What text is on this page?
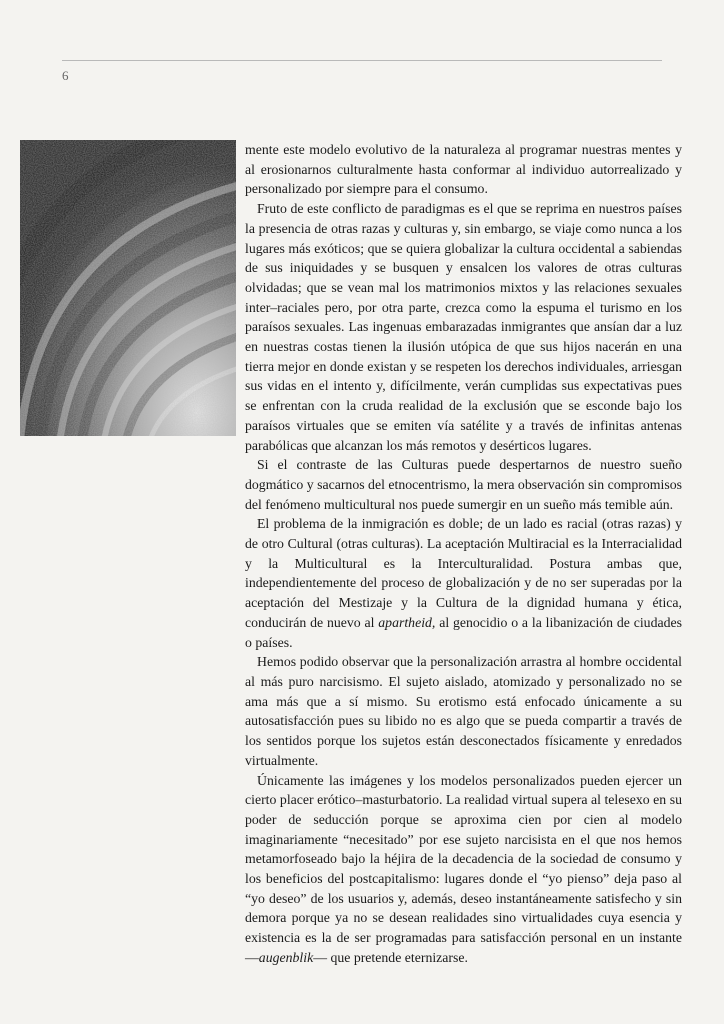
6

mente este modelo evolutivo de la naturaleza al programar nuestras mentes y al erosionarnos culturalmente hasta conformar al individuo autorrealizado y personalizado por siempre para el consumo.

Fruto de este conflicto de paradigmas es el que se reprima en nuestros países la presencia de otras razas y culturas y, sin embargo, se viaje como nunca a los lugares más exóticos; que se quiera globalizar la cultura occidental a sabiendas de sus iniquidades y se busquen y ensalcen los valores de otras culturas olvidadas; que se vean mal los matrimonios mixtos y las relaciones sexuales inter–raciales pero, por otra parte, crezca como la espuma el turismo en los paraísos sexuales. Las ingenuas embarazadas inmigrantes que ansían dar a luz en nuestras costas tienen la ilusión utópica de que sus hijos nacerán en una tierra mejor en donde existan y se respeten los derechos individuales, arriesgan sus vidas en el intento y, difícilmente, verán cumplidas sus expectativas pues se enfrentan con la cruda realidad de la exclusión que se esconde bajo los paraísos virtuales que se emiten vía satélite y a través de infinitas antenas parabólicas que alcanzan los más remotos y desérticos lugares.

Si el contraste de las Culturas puede despertarnos de nuestro sueño dogmático y sacarnos del etnocentrismo, la mera observación sin compromisos del fenómeno multicultural nos puede sumergir en un sueño más temible aún.

El problema de la inmigración es doble; de un lado es racial (otras razas) y de otro Cultural (otras culturas). La aceptación Multiracial es la Interracialidad y la Multicultural es la Interculturalidad. Postura ambas que, independientemente del proceso de globalización y de no ser superadas por la aceptación del Mestizaje y la Cultura de la dignidad humana y ética, conducirán de nuevo al apartheid, al genocidio o a la libanización de ciudades o países.

Hemos podido observar que la personalización arrastra al hombre occidental al más puro narcisismo. El sujeto aislado, atomizado y personalizado no se ama más que a sí mismo. Su erotismo está enfocado únicamente a su autosatisfacción pues su libido no es algo que se pueda compartir a través de los sentidos porque los sujetos están desconectados físicamente y enredados virtualmente.

Únicamente las imágenes y los modelos personalizados pueden ejercer un cierto placer erótico–masturbatorio. La realidad virtual supera al telesexo en su poder de seducción porque se aproxima cien por cien al modelo imaginariamente “necesitado” por ese sujeto narcisista en el que nos hemos metamorfoseado bajo la héjira de la decadencia de la sociedad de consumo y los beneficios del postcapitalismo: lugares donde el “yo pienso” deja paso al “yo deseo” de los usuarios y, además, deseo instantáneamente satisfecho y sin demora porque ya no se desean realidades sino virtualidades cuya esencia y existencia es la de ser programadas para satisfacción personal en un instante —augenblik— que pretende eternizarse.
